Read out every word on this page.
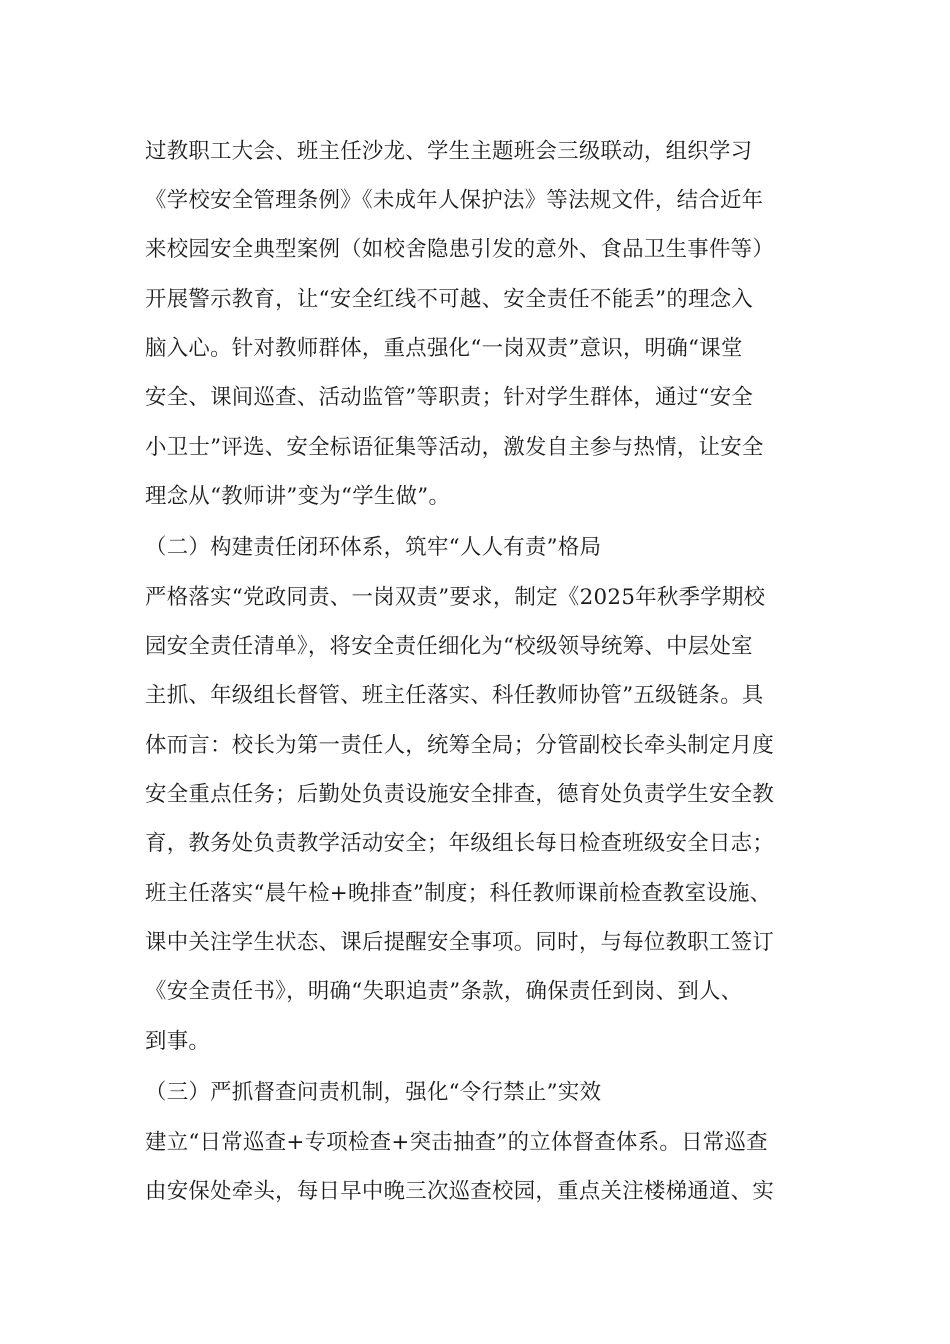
过教职工大会、班主任沙龙、学生主题班会三级联动，组织学习
《学校安全管理条例》《未成年人保护法》等法规文件，结合近年
来校园安全典型案例（如校舍隐患引发的意外、食品卫生事件等）
开展警示教育，让“安全红线不可越、安全责任不能丢”的理念入
脑入心。针对教师群体，重点强化“一岗双责”意识，明确“课堂
安全、课间巡查、活动监管”等职责；针对学生群体，通过“安全
小卫士”评选、安全标语征集等活动，激发自主参与热情，让安全
理念从“教师讲”变为“学生做”。
（二）构建责任闭环体系，筑牢“人人有责”格局
严格落实“党政同责、一岗双责”要求，制定《2025年秋季学期校
园安全责任清单》，将安全责任细化为“校级领导统筹、中层处室
主抓、年级组长督管、班主任落实、科任教师协管”五级链条。具
体而言：校长为第一责任人，统筹全局；分管副校长牵头制定月度
安全重点任务；后勤处负责设施安全排查，德育处负责学生安全教
育，教务处负责教学活动安全；年级组长每日检查班级安全日志；
班主任落实“晨午检+晚排查”制度；科任教师课前检查教室设施、
课中关注学生状态、课后提醒安全事项。同时，与每位教职工签订
《安全责任书》，明确“失职追责”条款，确保责任到岗、到人、
到事。
（三）严抓督查问责机制，强化“令行禁止”实效
建立“日常巡查+专项检查+突击抽查”的立体督查体系。日常巡查
由安保处牵头，每日早中晚三次巡查校园，重点关注楼梯通道、实
